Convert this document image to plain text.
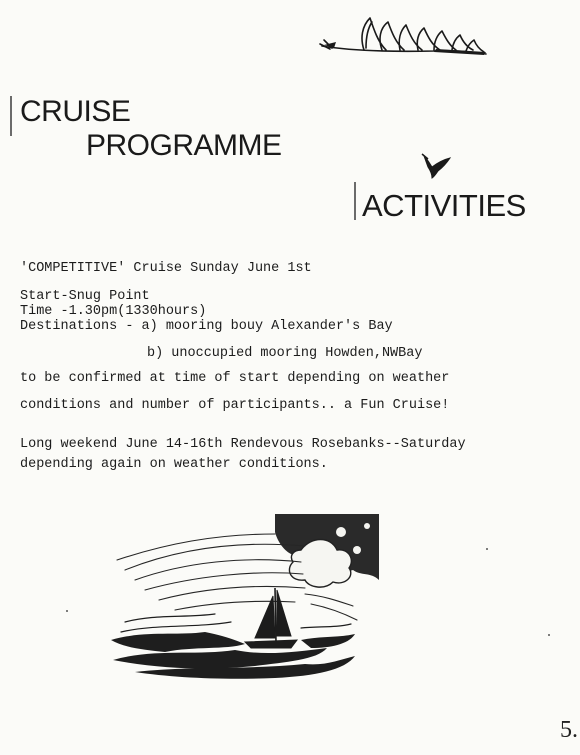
CRUISE
PROGRAMME
ACTIVITIES
'COMPETITIVE' Cruise Sunday June 1st
Start-Snug Point
Time -1.30pm(1330hours)
Destinations - a) mooring bouy Alexander's Bay
b) unoccupied mooring Howden,NWBay
to be confirmed at time of start depending on weather
conditions and number of participants.. a Fun Cruise!
Long weekend June 14-16th Rendevous Rosebanks--Saturday
depending again on weather conditions.
5.
